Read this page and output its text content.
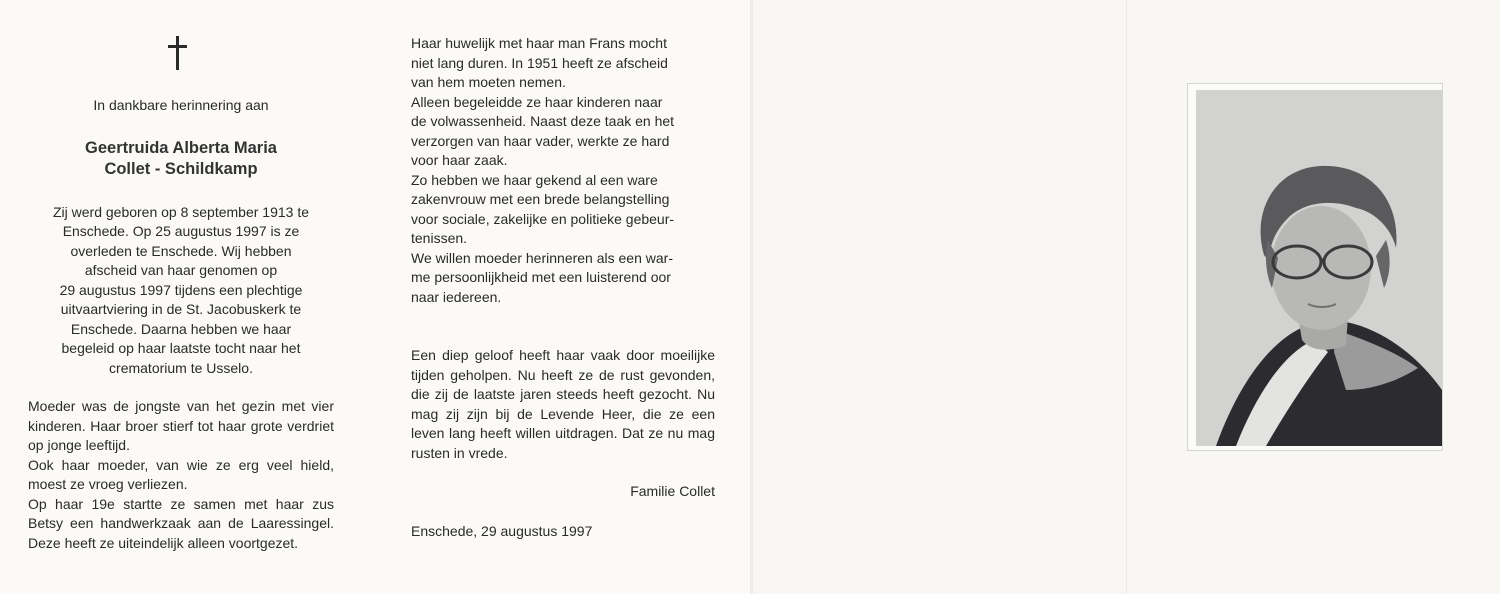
In dankbare herinnering aan
Geertruida Alberta Maria
Collet - Schildkamp
Zij werd geboren op 8 september 1913 te
Enschede. Op 25 augustus 1997 is ze
overleden te Enschede. Wij hebben
afscheid van haar genomen op
29 augustus 1997 tijdens een plechtige
uitvaartviering in de St. Jacobuskerk te
Enschede. Daarna hebben we haar
begeleid op haar laatste tocht naar het
crematorium te Usselo.
Moeder was de jongste van het gezin met vier kinderen. Haar broer stierf tot haar grote verdriet op jonge leeftijd.
Ook haar moeder, van wie ze erg veel hield, moest ze vroeg verliezen.
Op haar 19e startte ze samen met haar zus Betsy een handwerkzaak aan de Laaressingel. Deze heeft ze uiteindelijk alleen voortgezet.
Haar huwelijk met haar man Frans mocht
niet lang duren. In 1951 heeft ze afscheid
van hem moeten nemen.
Alleen begeleidde ze haar kinderen naar
de volwassenheid. Naast deze taak en het
verzorgen van haar vader, werkte ze hard
voor haar zaak.
Zo hebben we haar gekend al een ware
zakenvrouw met een brede belangstelling
voor sociale, zakelijke en politieke gebeur-
tenissen.
We willen moeder herinneren als een war-
me persoonlijkheid met een luisterend oor
naar iedereen.
Een diep geloof heeft haar vaak door moeilijke tijden geholpen. Nu heeft ze de rust gevonden, die zij de laatste jaren steeds heeft gezocht. Nu mag zij zijn bij de Levende Heer, die ze een leven lang heeft willen uitdragen. Dat ze nu mag rusten in vrede.
Familie Collet
Enschede, 29 augustus 1997
